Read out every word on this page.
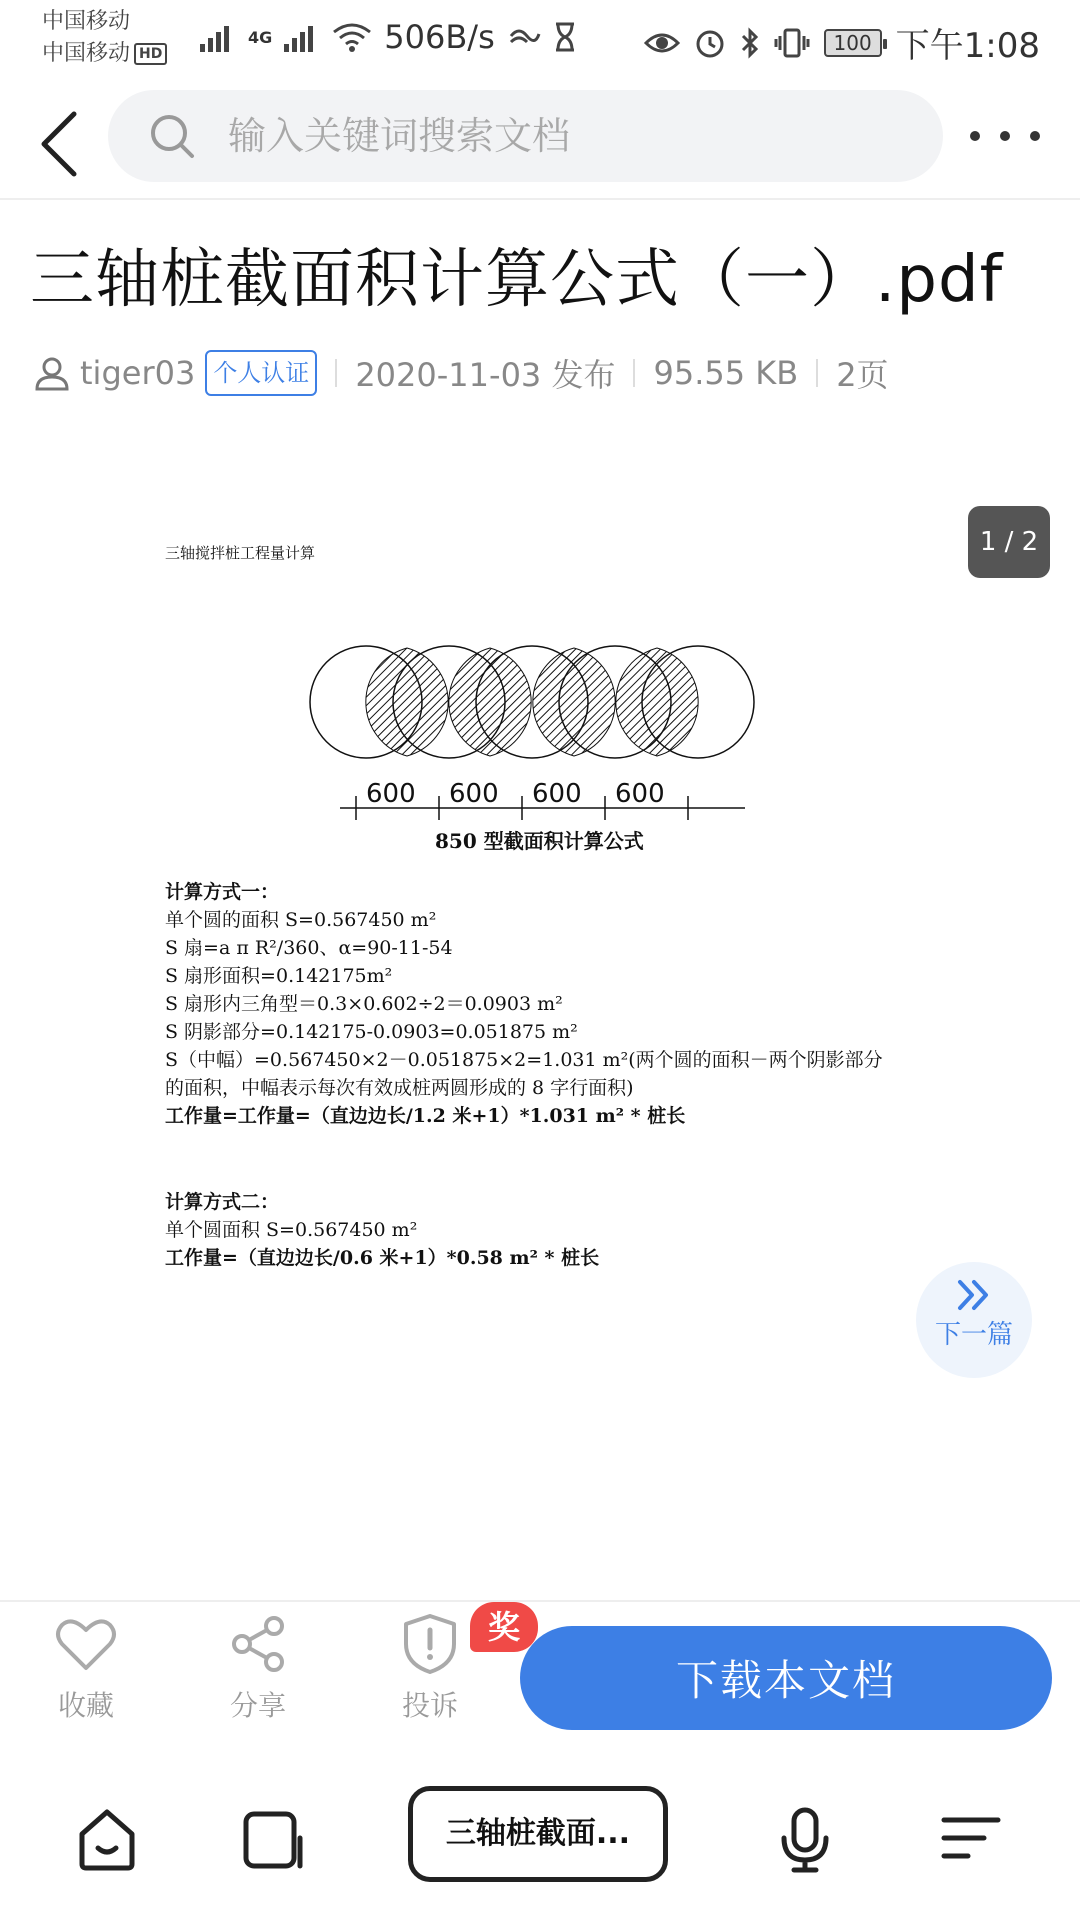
中国移动
中国移动 HD
4G	506B/s	100 下午1:08
输入关键词搜索文档
三轴桩截面积计算公式（一）.pdf
tiger03 个人认证 2020-11-03 发布 95.55 KB 2页
1 / 2
三轴搅拌桩工程量计算
600 600 600 600
850 型截面积计算公式
计算方式一：
单个圆的面积 S=0.567450 m²
S 扇=a π R²/360、α=90-11-54
S 扇形面积=0.142175m²
S 扇形内三角型＝0.3×0.602÷2＝0.0903 m²
S 阴影部分=0.142175-0.0903=0.051875 m²
S（中幅）=0.567450×2－0.051875×2=1.031 m²(两个圆的面积－两个阴影部分
的面积，中幅表示每次有效成桩两圆形成的 8 字行面积)
工作量=工作量=（直边边长/1.2 米+1）*1.031 m² * 桩长
计算方式二：
单个圆面积 S=0.567450 m²
工作量=（直边边长/0.6 米+1）*0.58 m² * 桩长
下一篇
收藏	分享	投诉
奖
下载本文档
三轴桩截面...
